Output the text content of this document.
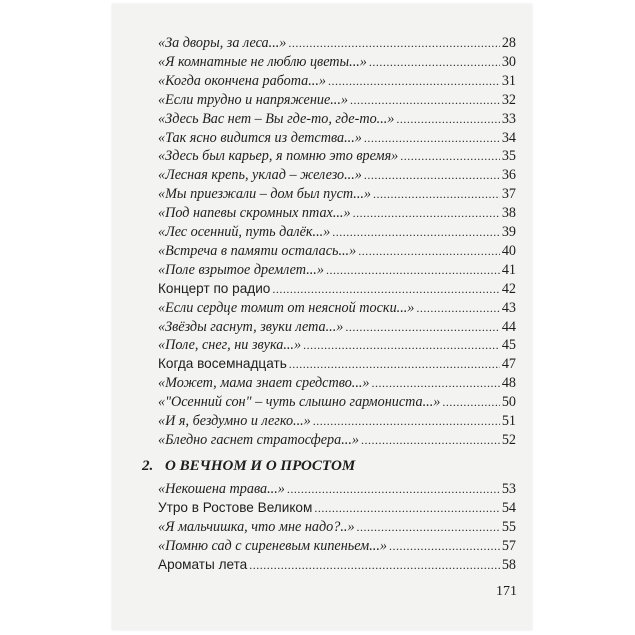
«За дворы, за леса...» .....	28
«Я комнатные не люблю цветы...» .....	30
«Когда окончена работа...» .....	31
«Если трудно и напряжение...» .....	32
«Здесь Вас нет – Вы где-то, где-то...» .....	33
«Так ясно видится из детства...» .....	34
«Здесь был карьер, я помню это время» .....	35
«Лесная крепь, уклад – железо...» .....	36
«Мы приезжали – дом был пуст...» .....	37
«Под напевы скромных птах...» .....	38
«Лес осенний, путь далёк...» .....	39
«Встреча в памяти осталась...» .....	40
«Поле взрытое дремлет...» .....	41
Концерт по радио .....	42
«Если сердце томит от неясной тоски...» .....	43
«Звёзды гаснут, звуки лета...» .....	44
«Поле, снег, ни звука...» .....	45
Когда восемнадцать .....	47
«Может, мама знает средство...» .....	48
«"Осенний сон" – чуть слышно гармониста...» .....	50
«И я, бездумно и легко...» .....	51
«Бледно гаснет стратосфера...» .....	52
2. О ВЕЧНОМ И О ПРОСТОМ
«Некошена трава...» .....	53
Утро в Ростове Великом .....	54
«Я мальчишка, что мне надо?..» .....	55
«Помню сад с сиреневым кипеньем...» .....	57
Ароматы лета .....	58
171
